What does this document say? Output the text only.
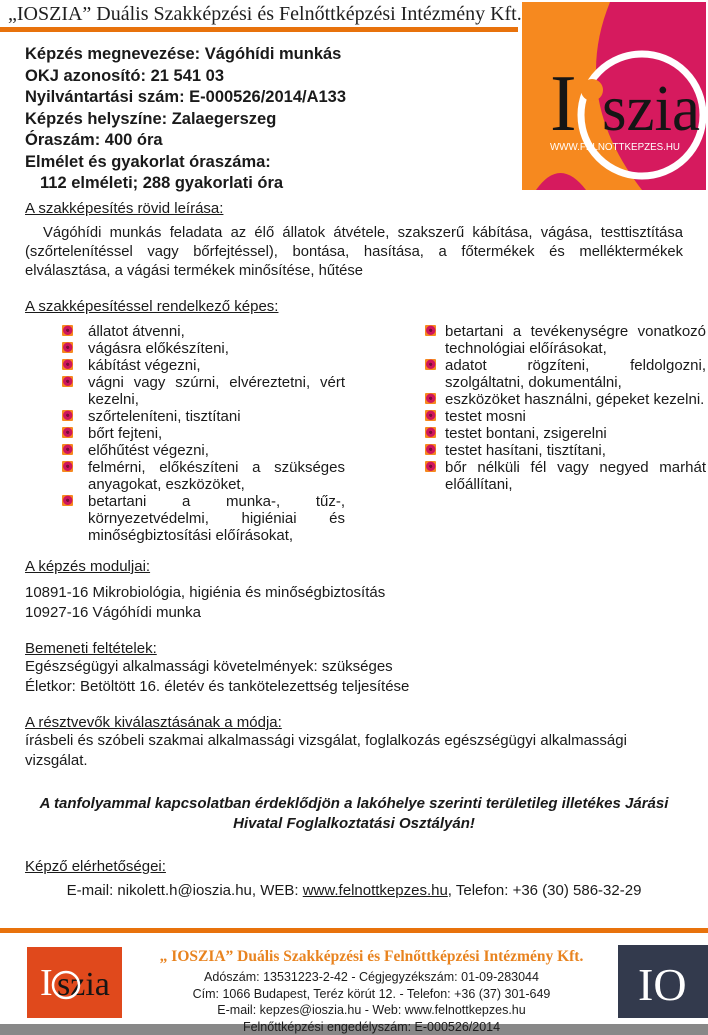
„IOSZIA” Duális Szakképzési és Felnőttképzési Intézmény Kft.
I szia
WWW.FELNOTTKEPZES.HU
Képzés megnevezése: Vágóhídi munkás
OKJ azonosító: 21 541 03
Nyilvántartási szám: E-000526/2014/A133
Képzés helyszíne: Zalaegerszeg
Óraszám: 400 óra
Elmélet és gyakorlat óraszáma:
112 elméleti; 288 gyakorlati óra
A szakképesítés rövid leírása:

Vágóhídi munkás feladata az élő állatok átvétele, szakszerű kábítása, vágása, testtisztítása (szőrtelenítéssel vagy bőrfejtéssel), bontása, hasítása, a főtermékek és melléktermékek elválasztása, a vágási termékek minősítése, hűtése

A szakképesítéssel rendelkező képes:
állatot átvenni,
vágásra előkészíteni,
kábítást végezni,
vágni vagy szúrni, elvéreztetni, vért kezelni,
szőrteleníteni, tisztítani
bőrt fejteni,
előhűtést végezni,
felmérni, előkészíteni a szükséges anyagokat, eszközöket,
betartani a munka-, tűz-, környezetvédelmi, higiéniai és minőségbiztosítási előírásokat,
betartani a tevékenységre vonatkozó technológiai előírásokat,
adatot rögzíteni, feldolgozni, szolgáltatni, dokumentálni,
eszközöket használni, gépeket kezelni.
testet mosni
testet bontani, zsigerelni
testet hasítani, tisztítani,
bőr nélküli fél vagy negyed marhát előállítani,
A képzés moduljai:
10891-16 Mikrobiológia, higiénia és minőségbiztosítás
10927-16 Vágóhídi munka
Bemeneti feltételek:
Egészségügyi alkalmassági követelmények: szükséges
Életkor: Betöltött 16. életév és tankötelezettség teljesítése
A résztvevők kiválasztásának a módja:
írásbeli és szóbeli szakmai alkalmassági vizsgálat, foglalkozás egészségügyi alkalmassági vizsgálat.

A tanfolyammal kapcsolatban érdeklődjön a lakóhelye szerinti területileg illetékes Járási Hivatal Foglalkoztatási Osztályán!

Képző elérhetőségei:
E-mail: nikolett.h@ioszia.hu, WEB: www.felnottkepzes.hu, Telefon: +36 (30) 586-32-29
szia
I
„ IOSZIA” Duális Szakképzési és Felnőttképzési Intézmény Kft.
Adószám: 13531223-2-42 - Cégjegyzékszám: 01-09-283044
Cím: 1066 Budapest, Teréz körút 12. - Telefon: +36 (37) 301-649
E-mail: kepzes@ioszia.hu - Web: www.felnottkepzes.hu
Felnőttképzési engedélyszám: E-000526/2014
IO
